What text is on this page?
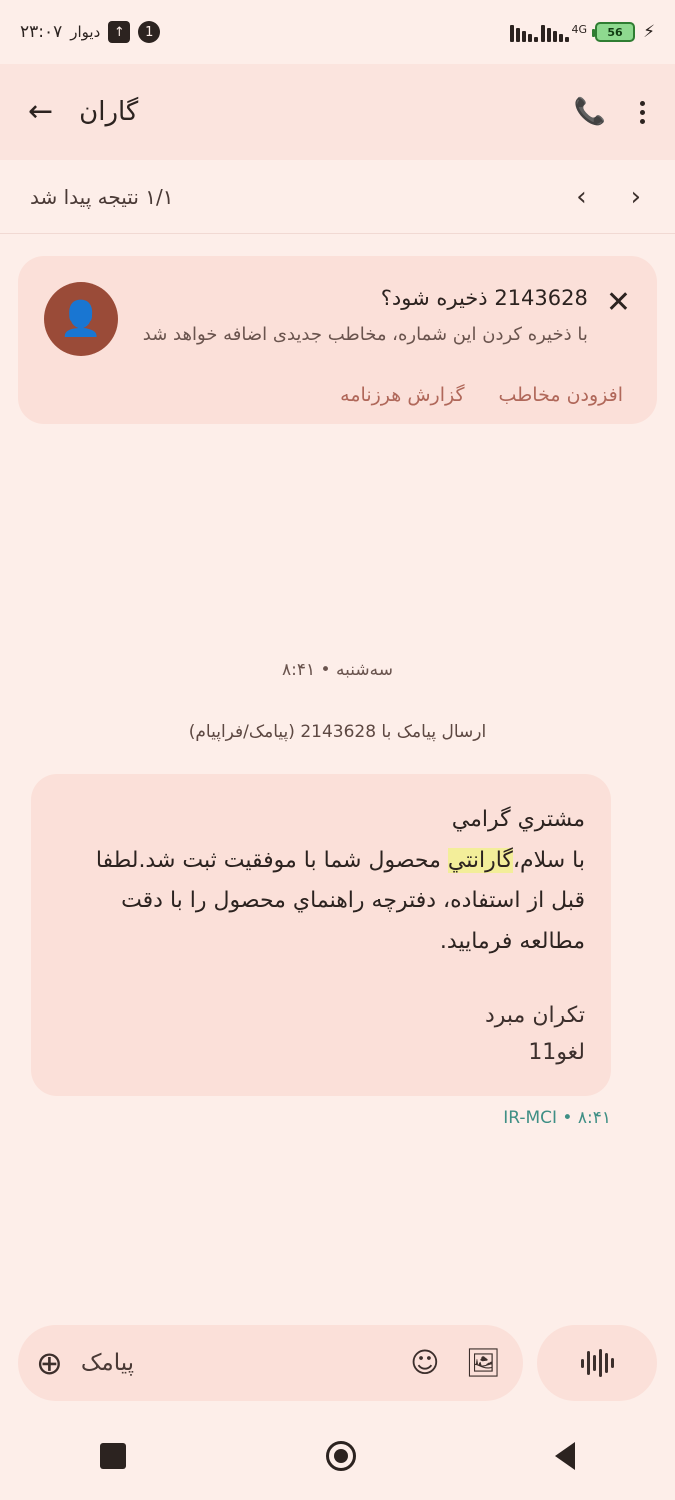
⚡
56
4G
1
↑
ديوار
۲۳:۰۷
📞
گاران
←
‹
›
۱/۱ نتیجه پیدا شد
✕
2143628 ذخیره شود؟
با ذخیره کردن این شماره، مخاطب جدیدی اضافه خواهد شد
👤
افزودن مخاطب
گزارش هرزنامه
سه‌شنبه • ۸:۴۱
ارسال پیامک با 2143628 (پیامک/فراپیام)

مشتري گرامي

با سلام،گارانتي محصول شما با موفقیت ثبت شد.لطفا قبل از استفاده، دفترچه راهنماي محصول را با دقت مطالعه فرمایید.

تکران مبرد
لغو11
۸:۴۱ • IR-MCI
🖼
☺
پیامک
⊕
